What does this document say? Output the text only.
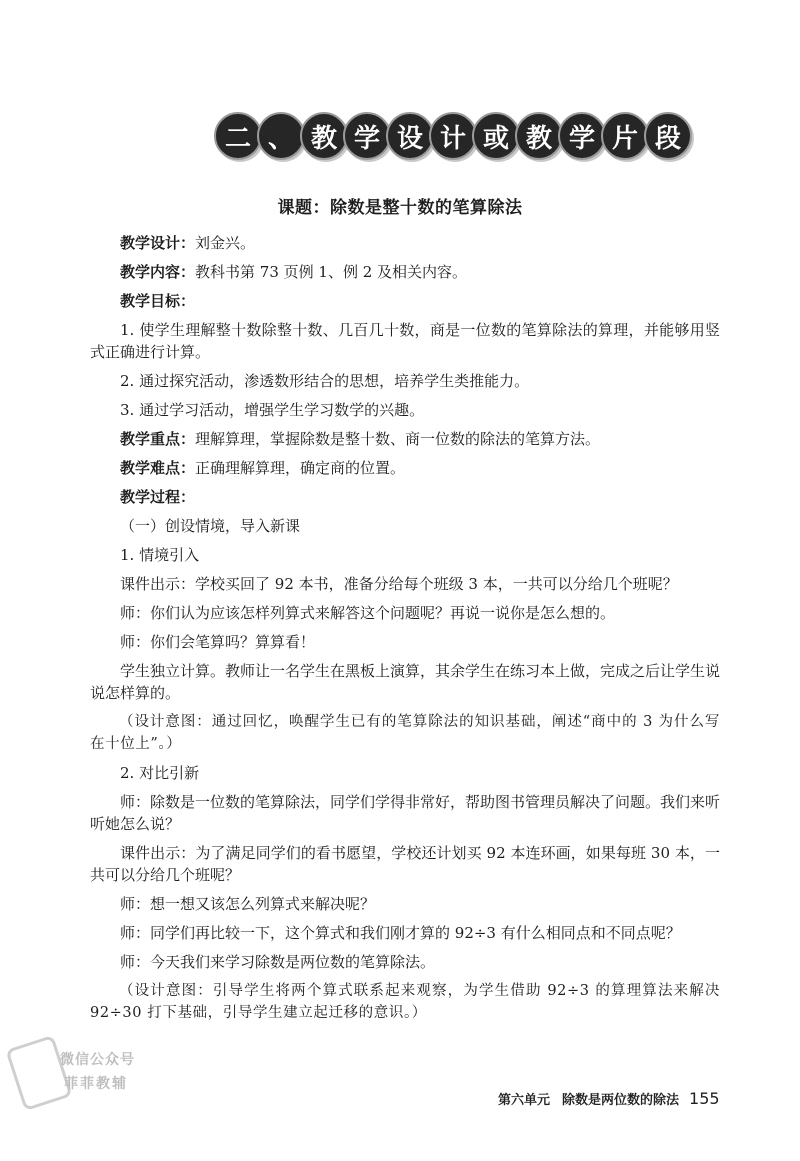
二 、 教 学 设 计 或 教 学 片 段
课题：除数是整十数的笔算除法

教学设计：刘金兴。

教学内容：教科书第 73 页例 1、例 2 及相关内容。

教学目标：

1. 使学生理解整十数除整十数、几百几十数，商是一位数的笔算除法的算理，并能够用竖式正确进行计算。

2. 通过探究活动，渗透数形结合的思想，培养学生类推能力。

3. 通过学习活动，增强学生学习数学的兴趣。

教学重点：理解算理，掌握除数是整十数、商一位数的除法的笔算方法。

教学难点：正确理解算理，确定商的位置。

教学过程：

（一）创设情境，导入新课

1. 情境引入

课件出示：学校买回了 92 本书，准备分给每个班级 3 本，一共可以分给几个班呢？

师：你们认为应该怎样列算式来解答这个问题呢？再说一说你是怎么想的。

师：你们会笔算吗？算算看！

学生独立计算。教师让一名学生在黑板上演算，其余学生在练习本上做，完成之后让学生说说怎样算的。

（设计意图：通过回忆，唤醒学生已有的笔算除法的知识基础，阐述“商中的 3 为什么写在十位上”。）

2. 对比引新

师：除数是一位数的笔算除法，同学们学得非常好，帮助图书管理员解决了问题。我们来听听她怎么说？

课件出示：为了满足同学们的看书愿望，学校还计划买 92 本连环画，如果每班 30 本，一共可以分给几个班呢？

师：想一想又该怎么列算式来解决呢？

师：同学们再比较一下，这个算式和我们刚才算的 92÷3 有什么相同点和不同点呢？

师：今天我们来学习除数是两位数的笔算除法。

（设计意图：引导学生将两个算式联系起来观察，为学生借助 92÷3 的算理算法来解决 92÷30 打下基础，引导学生建立起迁移的意识。）

微信公众号
菲菲教辅
第六单元 除数是两位数的除法 155
